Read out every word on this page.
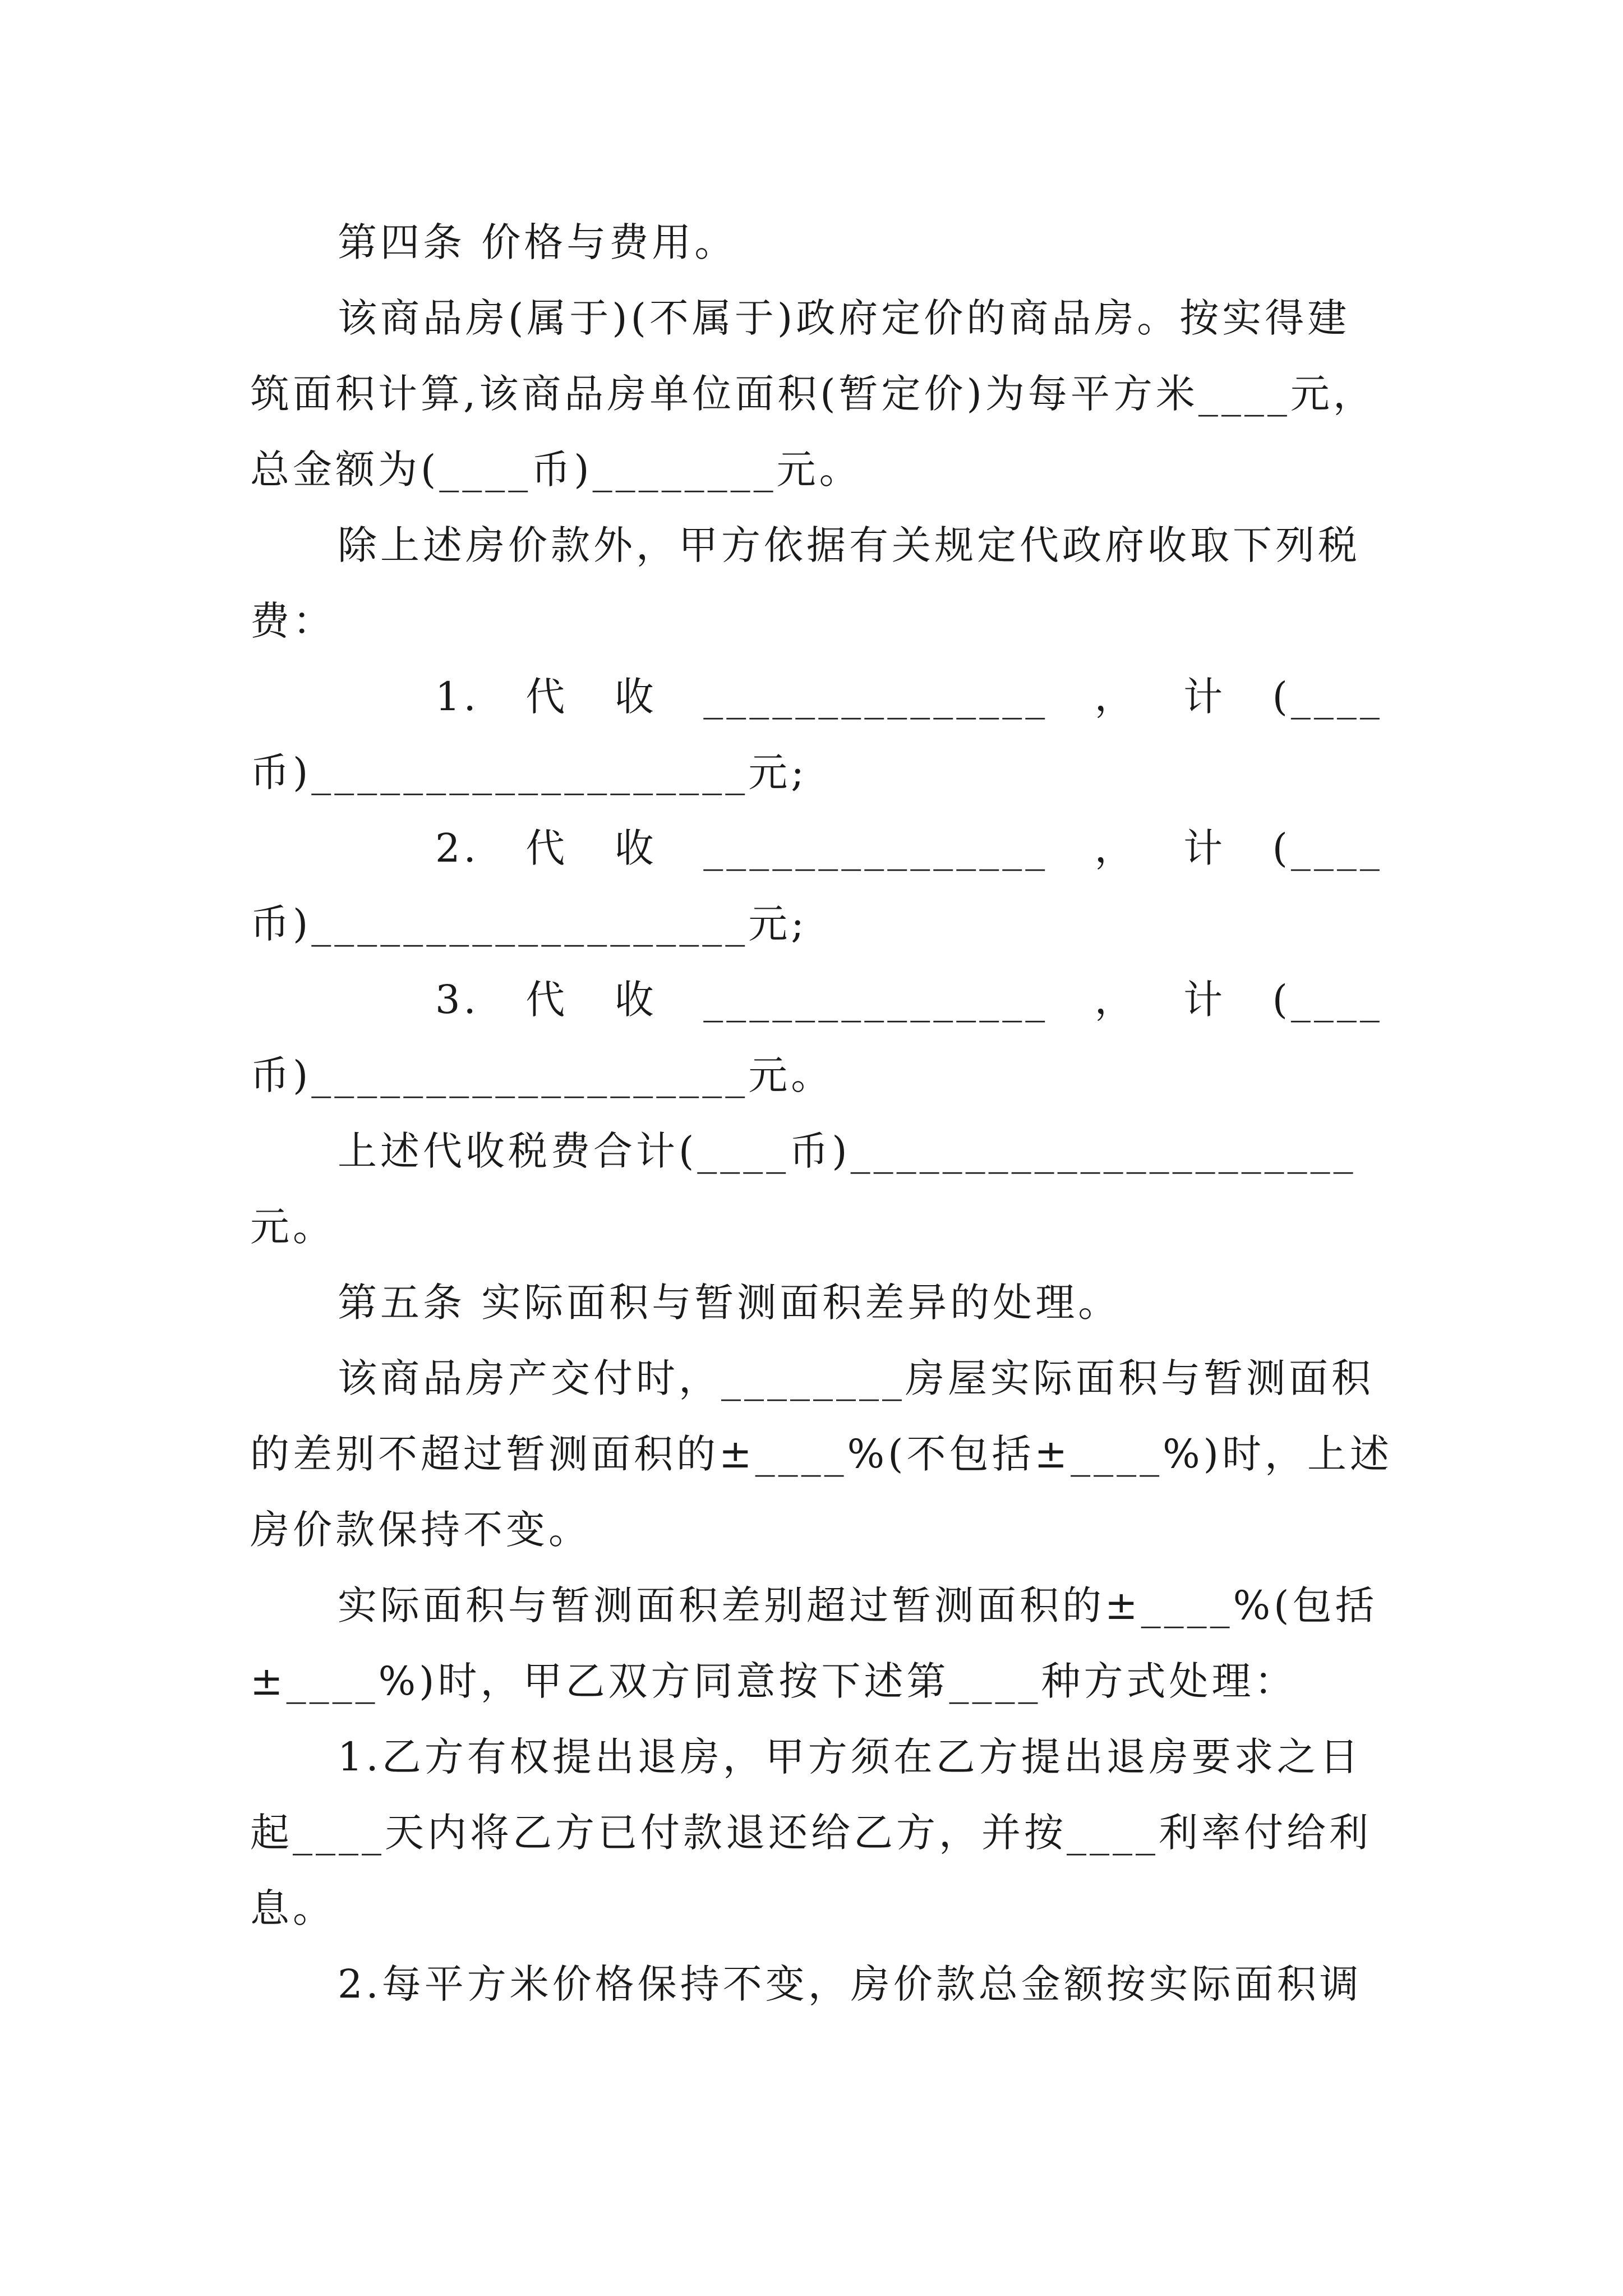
第四条 价格与费用。
该商品房(属于)(不属于)政府定价的商品房。按实得建
筑面积计算,该商品房单位面积(暂定价)为每平方米____元，
总金额为(____币)________元。
除上述房价款外，甲方依据有关规定代政府收取下列税
费：
1. 代 收 _______________ ， 计 (____
币)___________________元;
2. 代 收 _______________ ， 计 (____
币)___________________元;
3. 代 收 _______________ ， 计 (____
币)___________________元。
上述代收税费合计(____币)______________________
元。
第五条 实际面积与暂测面积差异的处理。
该商品房产交付时，________房屋实际面积与暂测面积
的差别不超过暂测面积的±____%(不包括±____%)时，上述
房价款保持不变。
实际面积与暂测面积差别超过暂测面积的±____%(包括
±____%)时，甲乙双方同意按下述第____种方式处理：
1.乙方有权提出退房，甲方须在乙方提出退房要求之日
起____天内将乙方已付款退还给乙方，并按____利率付给利
息。
2.每平方米价格保持不变，房价款总金额按实际面积调
